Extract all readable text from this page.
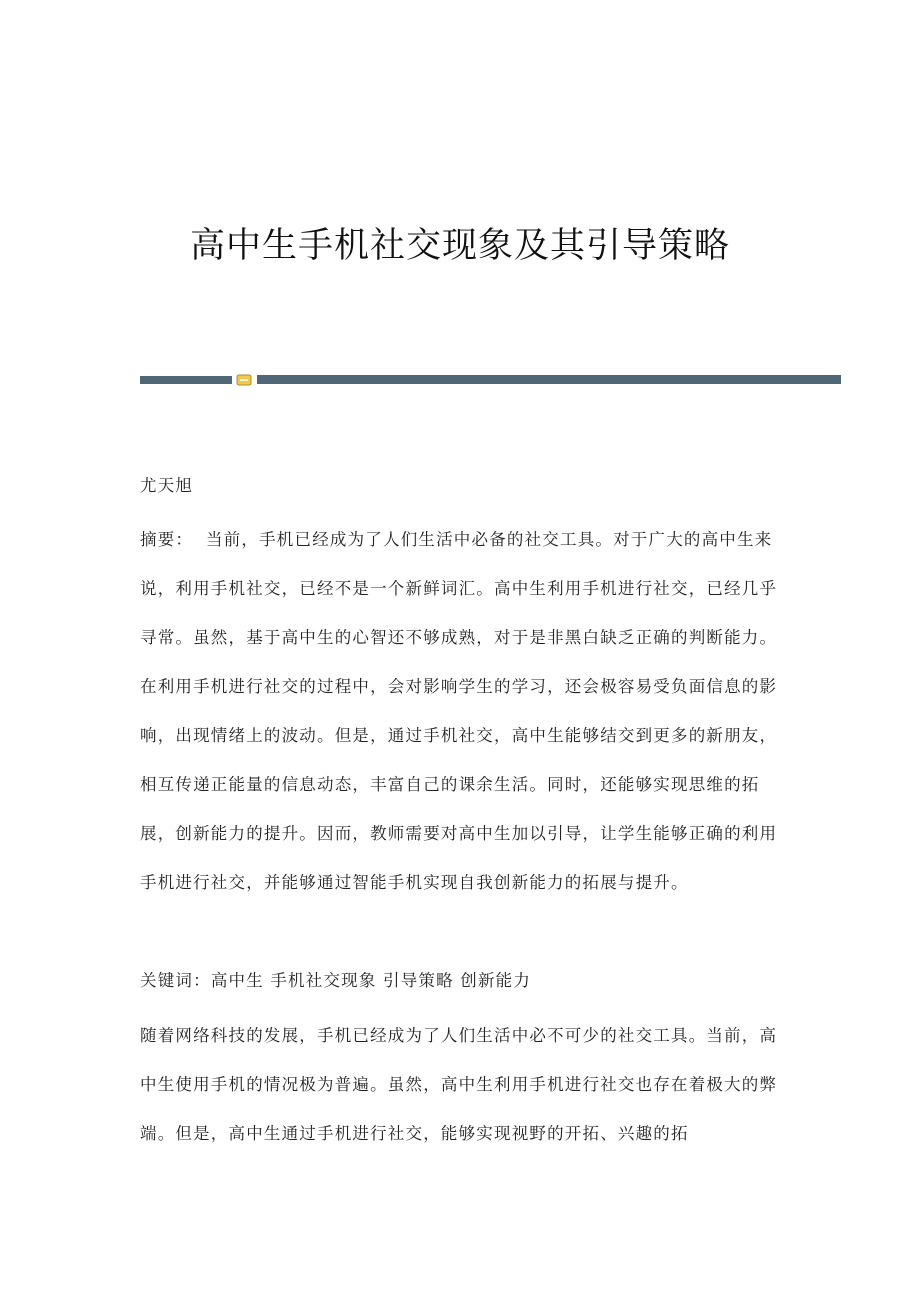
高中生手机社交现象及其引导策略

尤天旭

摘要： 当前，手机已经成为了人们生活中必备的社交工具。对于广大的高中生来说，利用手机社交，已经不是一个新鲜词汇。高中生利用手机进行社交，已经几乎寻常。虽然，基于高中生的心智还不够成熟，对于是非黑白缺乏正确的判断能力。在利用手机进行社交的过程中，会对影响学生的学习，还会极容易受负面信息的影响，出现情绪上的波动。但是，通过手机社交，高中生能够结交到更多的新朋友，相互传递正能量的信息动态，丰富自己的课余生活。同时，还能够实现思维的拓展，创新能力的提升。因而，教师需要对高中生加以引导，让学生能够正确的利用手机进行社交，并能够通过智能手机实现自我创新能力的拓展与提升。

关键词：高中生 手机社交现象 引导策略 创新能力

随着网络科技的发展，手机已经成为了人们生活中必不可少的社交工具。当前，高中生使用手机的情况极为普遍。虽然，高中生利用手机进行社交也存在着极大的弊端。但是，高中生通过手机进行社交，能够实现视野的开拓、兴趣的拓
